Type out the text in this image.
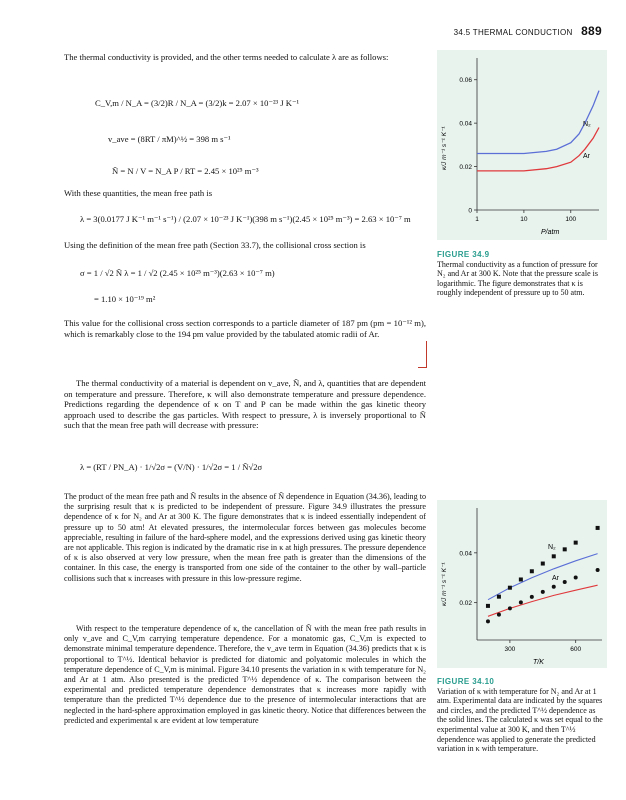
34.5 THERMAL CONDUCTION 889

The thermal conductivity is provided, and the other terms needed to calculate λ are as follows:

C_V,m / N_A = (3/2)R / N_A = (3/2)k = 2.07 × 10⁻²³ J K⁻¹
v_ave = (8RT / πM)^½ = 398 m s⁻¹
Ñ = N / V = N_A P / RT = 2.45 × 10²⁵ m⁻³

With these quantities, the mean free path is

λ = 3(0.0177 J K⁻¹ m⁻¹ s⁻¹) / (2.07 × 10⁻²³ J K⁻¹)(398 m s⁻¹)(2.45 × 10²⁵ m⁻³) = 2.63 × 10⁻⁷ m

Using the definition of the mean free path (Section 33.7), the collisional cross section is

σ = 1 / √2 Ñ λ = 1 / √2 (2.45 × 10²⁵ m⁻³)(2.63 × 10⁻⁷ m)
= 1.10 × 10⁻¹⁹ m²

This value for the collisional cross section corresponds to a particle diameter of 187 pm (pm = 10⁻¹² m), which is remarkably close to the 194 pm value provided by the tabulated atomic radii of Ar.

The thermal conductivity of a material is dependent on v_ave, Ñ, and λ, quantities that are dependent on temperature and pressure. Therefore, κ will also demonstrate temperature and pressure dependence. Predictions regarding the dependence of κ on T and P can be made within the gas kinetic theory approach used to describe the gas particles. With respect to pressure, λ is inversely proportional to Ñ such that the mean free path will decrease with pressure:

λ = (RT / PN_A) · 1/√2σ = (V/N) · 1/√2σ = 1 / Ñ√2σ

The product of the mean free path and Ñ results in the absence of Ñ dependence in Equation (34.36), leading to the surprising result that κ is predicted to be independent of pressure. Figure 34.9 illustrates the pressure dependence of κ for N₂ and Ar at 300 K. The figure demonstrates that κ is indeed essentially independent of pressure up to 50 atm! At elevated pressures, the intermolecular forces between gas molecules become appreciable, resulting in failure of the hard-sphere model, and the expressions derived using gas kinetic theory are not applicable. This region is indicated by the dramatic rise in κ at high pressures. The pressure dependence of κ is also observed at very low pressure, when the mean free path is greater than the dimensions of the container. In this case, the energy is transported from one side of the container to the other by wall–particle collisions such that κ increases with pressure in this low-pressure regime.

With respect to the temperature dependence of κ, the cancellation of Ñ with the mean free path results in only v_ave and C_V,m carrying temperature dependence. For a monatomic gas, C_V,m is expected to demonstrate minimal temperature dependence. Therefore, the v_ave term in Equation (34.36) predicts that κ is proportional to T^½. Identical behavior is predicted for diatomic and polyatomic molecules in which the temperature dependence of C_V,m is minimal. Figure 34.10 presents the variation in κ with temperature for N₂ and Ar at 1 atm. Also presented is the predicted T^½ dependence of κ. The comparison between the experimental and predicted temperature dependence demonstrates that κ increases more rapidly with temperature than the predicted T^½ dependence due to the presence of intermolecular interactions that are neglected in the hard-sphere approximation employed in gas kinetic theory. Notice that differences between the predicted and experimental κ are evident at low temperature

0
0.02
0.04
0.06
1	10	100
N₂
Ar
P/atm
κ/J m⁻¹ s⁻¹ K⁻¹
FIGURE 34.9
Thermal conductivity as a function of pressure for N₂ and Ar at 300 K. Note that the pressure scale is logarithmic. The figure demonstrates that κ is roughly independent of pressure up to 50 atm.
0.02
0.04
300	600
N₂
Ar
T/K
κ/J m⁻¹ s⁻¹ K⁻¹
FIGURE 34.10
Variation of κ with temperature for N₂ and Ar at 1 atm. Experimental data are indicated by the squares and circles, and the predicted T^½ dependence as the solid lines. The calculated κ was set equal to the experimental value at 300 K, and then T^½ dependence was applied to generate the predicted variation in κ with temperature.
